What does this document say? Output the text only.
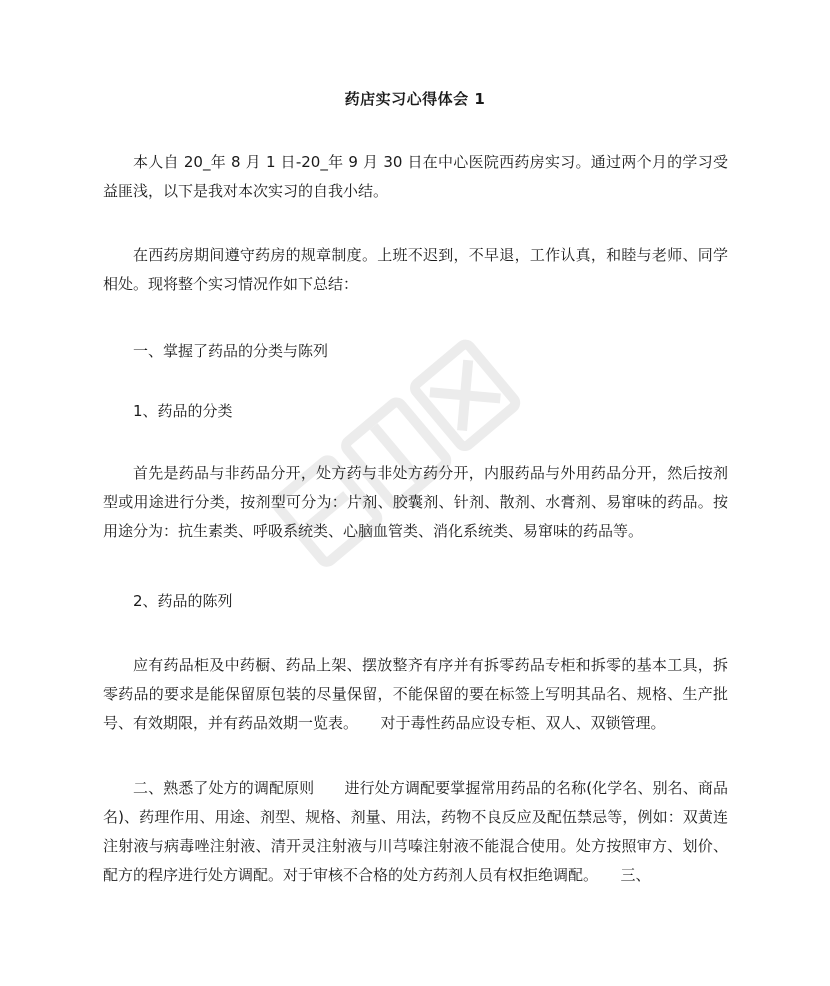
药店实习心得体会 1

本人自 20_年 8 月 1 日-20_年 9 月 30 日在中心医院西药房实习。通过两个月的学习受益匪浅，以下是我对本次实习的自我小结。

在西药房期间遵守药房的规章制度。上班不迟到，不早退，工作认真，和睦与老师、同学相处。现将整个实习情况作如下总结：

一、掌握了药品的分类与陈列
1、药品的分类

首先是药品与非药品分开，处方药与非处方药分开，内服药品与外用药品分开，然后按剂型或用途进行分类，按剂型可分为：片剂、胶囊剂、针剂、散剂、水膏剂、易窜味的药品。按用途分为：抗生素类、呼吸系统类、心脑血管类、消化系统类、易窜味的药品等。

2、药品的陈列

应有药品柜及中药橱、药品上架、摆放整齐有序并有拆零药品专柜和拆零的基本工具，拆零药品的要求是能保留原包装的尽量保留，不能保留的要在标签上写明其品名、规格、生产批号、有效期限，并有药品效期一览表。　　对于毒性药品应设专柜、双人、双锁管理。

二、熟悉了处方的调配原则　　进行处方调配要掌握常用药品的名称(化学名、别名、商品名)、药理作用、用途、剂型、规格、剂量、用法，药物不良反应及配伍禁忌等，例如：双黄连注射液与病毒唑注射液、清开灵注射液与川芎嗪注射液不能混合使用。处方按照审方、划价、配方的程序进行处方调配。对于审核不合格的处方药剂人员有权拒绝调配。　　三、
